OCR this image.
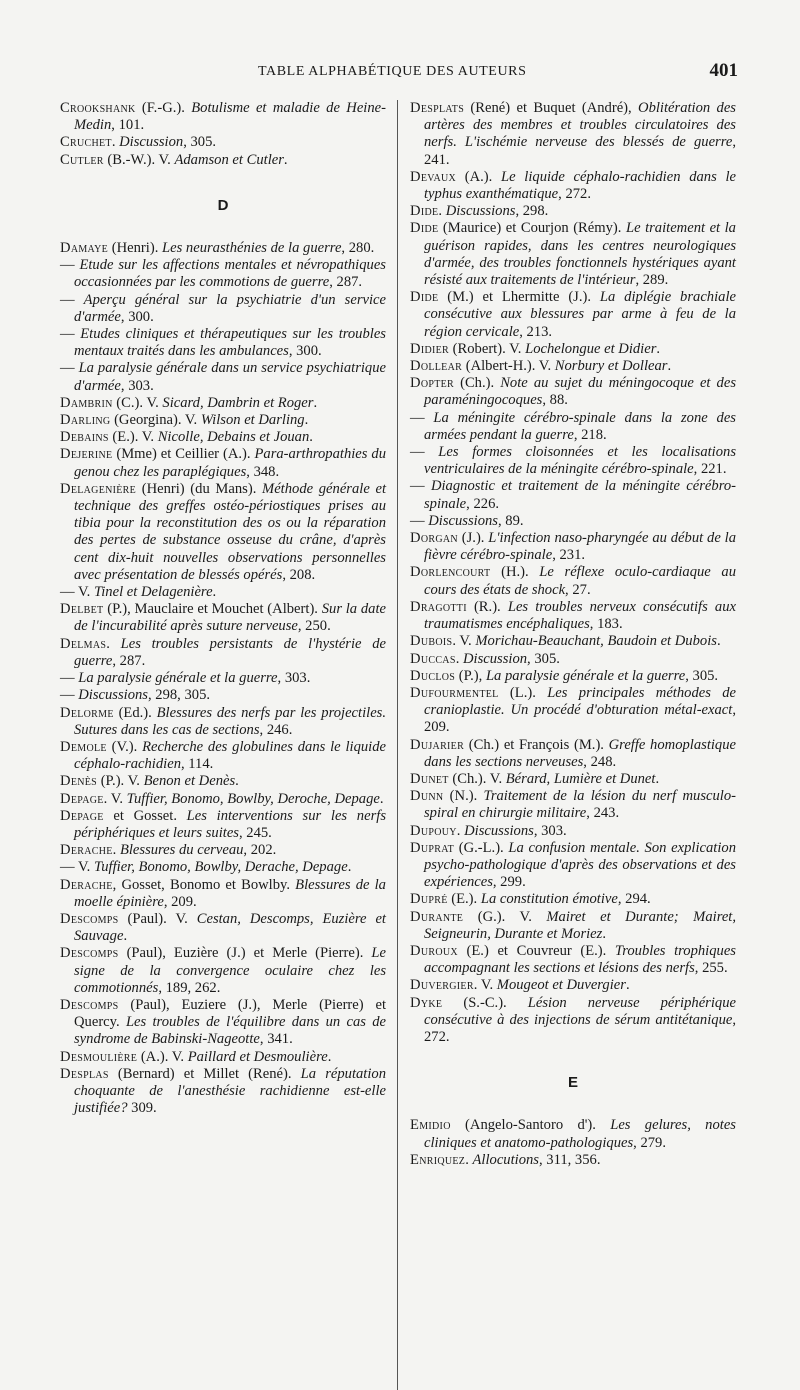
TABLE ALPHABÉTIQUE DES AUTEURS	401

Crookshank (F.-G.). Botulisme et maladie de Heine-Medin, 101.

Cruchet. Discussion, 305.

Cutler (B.-W.). V. Adamson et Cutler.

D

Damaye (Henri). Les neurasthénies de la guerre, 280.

— Etude sur les affections mentales et névropathiques occasionnées par les commotions de guerre, 287.

— Aperçu général sur la psychiatrie d'un service d'armée, 300.

— Etudes cliniques et thérapeutiques sur les troubles mentaux traités dans les ambulances, 300.

— La paralysie générale dans un service psychiatrique d'armée, 303.

Dambrin (C.). V. Sicard, Dambrin et Roger.

Darling (Georgina). V. Wilson et Darling.

Debains (E.). V. Nicolle, Debains et Jouan.

Dejerine (Mme) et Ceillier (A.). Para-arthropathies du genou chez les paraplégiques, 348.

Delagenière (Henri) (du Mans). Méthode générale et technique des greffes ostéo-périostiques prises au tibia pour la reconstitution des os ou la réparation des pertes de substance osseuse du crâne, d'après cent dix-huit nouvelles observations personnelles avec présentation de blessés opérés, 208.

— V. Tinel et Delagenière.

Delbet (P.), Mauclaire et Mouchet (Albert). Sur la date de l'incurabilité après suture nerveuse, 250.

Delmas. Les troubles persistants de l'hystérie de guerre, 287.

— La paralysie générale et la guerre, 303.

— Discussions, 298, 305.

Delorme (Ed.). Blessures des nerfs par les projectiles. Sutures dans les cas de sections, 246.

Demole (V.). Recherche des globulines dans le liquide céphalo-rachidien, 114.

Denès (P.). V. Benon et Denès.

Depage. V. Tuffier, Bonomo, Bowlby, Deroche, Depage.

Depage et Gosset. Les interventions sur les nerfs périphériques et leurs suites, 245.

Derache. Blessures du cerveau, 202.

— V. Tuffier, Bonomo, Bowlby, Derache, Depage.

Derache, Gosset, Bonomo et Bowlby. Blessures de la moelle épinière, 209.

Descomps (Paul). V. Cestan, Descomps, Euzière et Sauvage.

Descomps (Paul), Euzière (J.) et Merle (Pierre). Le signe de la convergence oculaire chez les commotionnés, 189, 262.

Descomps (Paul), Euziere (J.), Merle (Pierre) et Quercy. Les troubles de l'équilibre dans un cas de syndrome de Babinski-Nageotte, 341.

Desmoulière (A.). V. Paillard et Desmoulière.

Desplas (Bernard) et Millet (René). La réputation choquante de l'anesthésie rachidienne est-elle justifiée? 309.

Desplats (René) et Buquet (André), Oblitération des artères des membres et troubles circulatoires des nerfs. L'ischémie nerveuse des blessés de guerre, 241.

Devaux (A.). Le liquide céphalo-rachidien dans le typhus exanthématique, 272.

Dide. Discussions, 298.

Dide (Maurice) et Courjon (Rémy). Le traitement et la guérison rapides, dans les centres neurologiques d'armée, des troubles fonctionnels hystériques ayant résisté aux traitements de l'intérieur, 289.

Dide (M.) et Lhermitte (J.). La diplégie brachiale consécutive aux blessures par arme à feu de la région cervicale, 213.

Didier (Robert). V. Lochelongue et Didier.

Dollear (Albert-H.). V. Norbury et Dollear.

Dopter (Ch.). Note au sujet du méningocoque et des paraméningocoques, 88.

— La méningite cérébro-spinale dans la zone des armées pendant la guerre, 218.

— Les formes cloisonnées et les localisations ventriculaires de la méningite cérébro-spinale, 221.

— Diagnostic et traitement de la méningite cérébro-spinale, 226.

— Discussions, 89.

Dorgan (J.). L'infection naso-pharyngée au début de la fièvre cérébro-spinale, 231.

Dorlencourt (H.). Le réflexe oculo-cardiaque au cours des états de shock, 27.

Dragotti (R.). Les troubles nerveux consécutifs aux traumatismes encéphaliques, 183.

Dubois. V. Morichau-Beauchant, Baudoin et Dubois.

Duccas. Discussion, 305.

Duclos (P.), La paralysie générale et la guerre, 305.

Dufourmentel (L.). Les principales méthodes de cranioplastie. Un procédé d'obturation métal-exact, 209.

Dujarier (Ch.) et François (M.). Greffe homoplastique dans les sections nerveuses, 248.

Dunet (Ch.). V. Bérard, Lumière et Dunet.

Dunn (N.). Traitement de la lésion du nerf musculo-spiral en chirurgie militaire, 243.

Dupouy. Discussions, 303.

Duprat (G.-L.). La confusion mentale. Son explication psycho-pathologique d'après des observations et des expériences, 299.

Dupré (E.). La constitution émotive, 294.

Durante (G.). V. Mairet et Durante; Mairet, Seigneurin, Durante et Moriez.

Duroux (E.) et Couvreur (E.). Troubles trophiques accompagnant les sections et lésions des nerfs, 255.

Duvergier. V. Mougeot et Duvergier.

Dyke (S.-C.). Lésion nerveuse périphérique consécutive à des injections de sérum antitétanique, 272.

E

Emidio (Angelo-Santoro d'). Les gelures, notes cliniques et anatomo-pathologiques, 279.

Enriquez. Allocutions, 311, 356.
